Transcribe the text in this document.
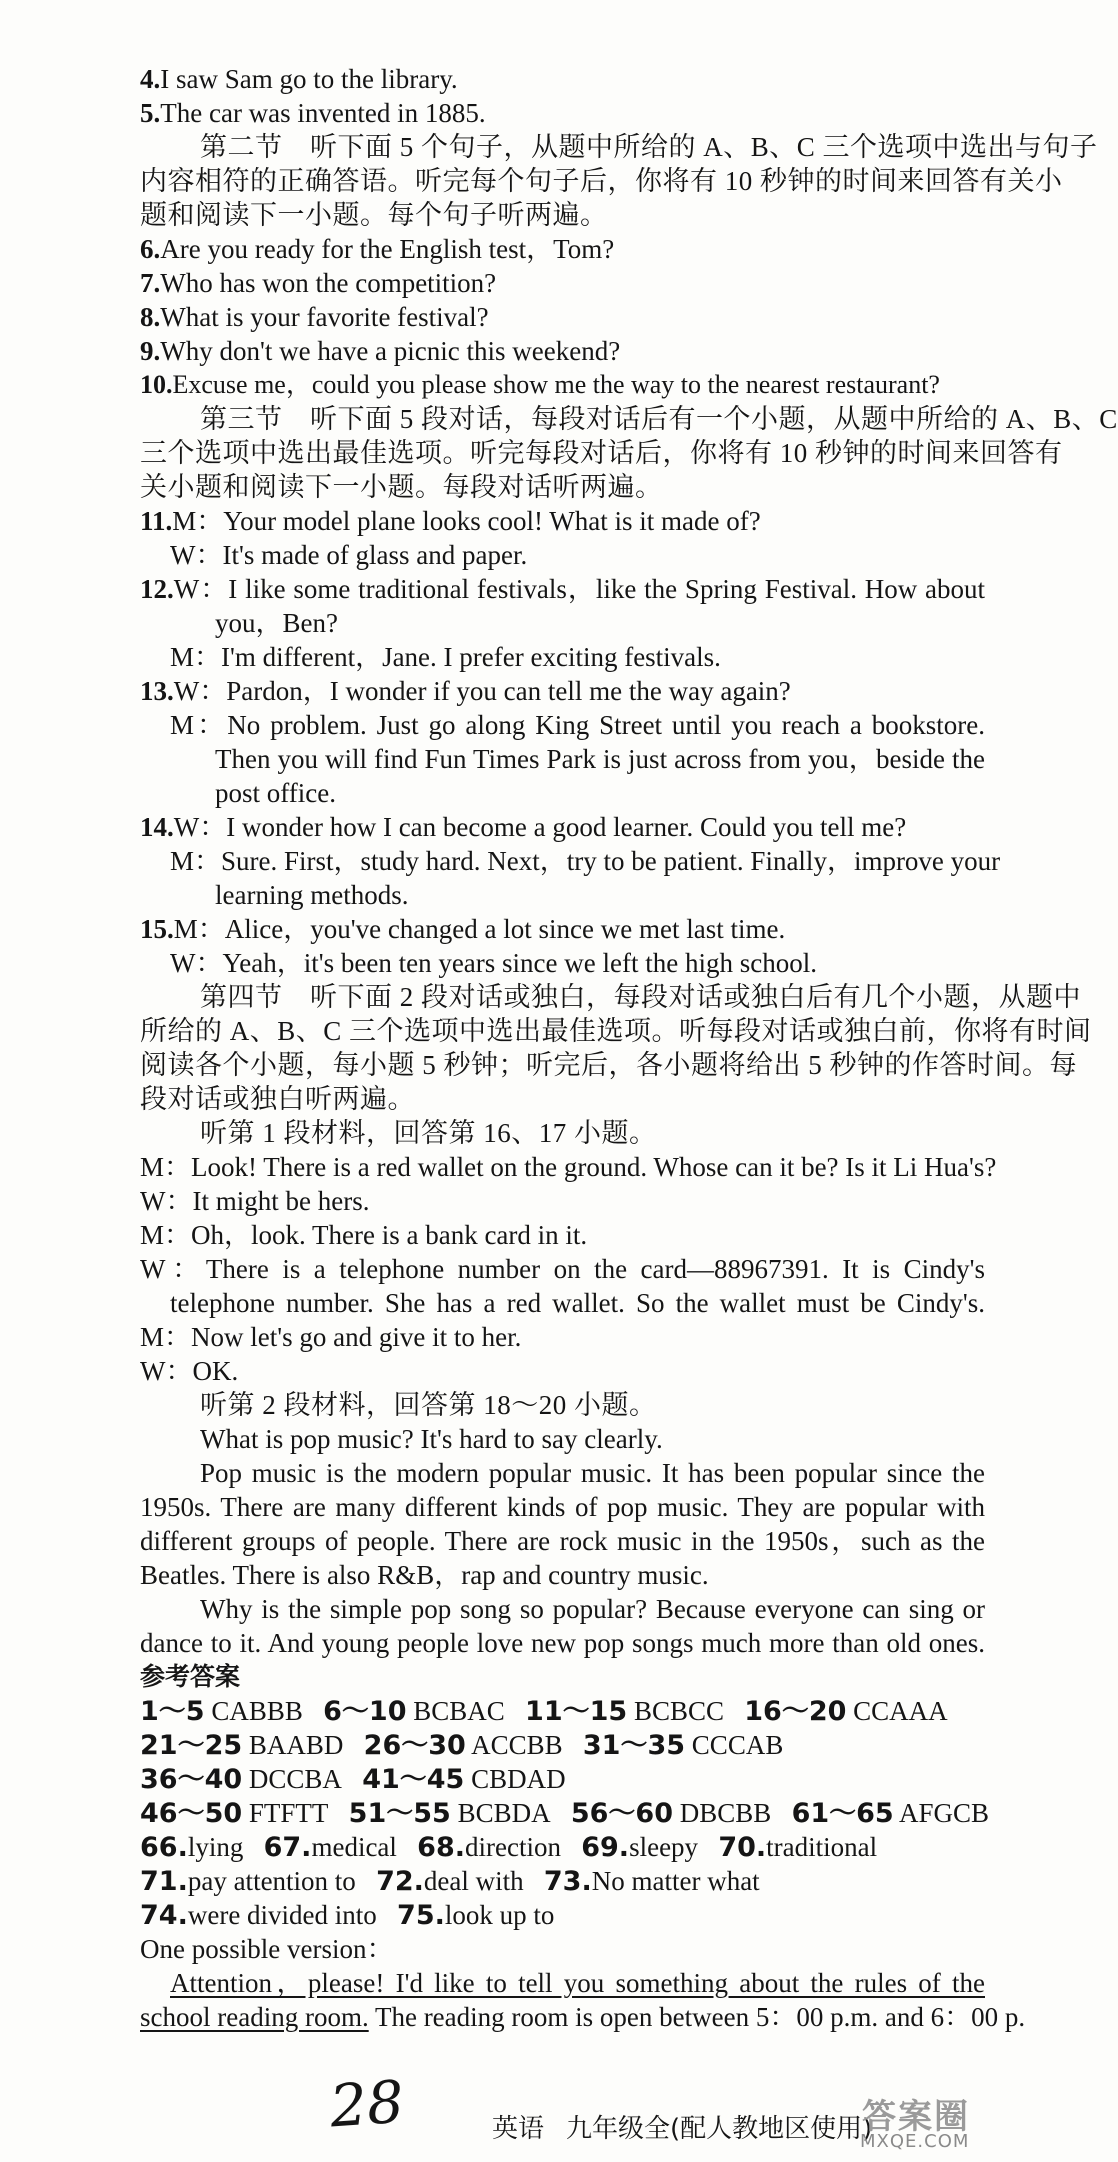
4.I saw Sam go to the library.

5.The car was invented in 1885.

第二节　听下面 5 个句子，从题中所给的 A、B、C 三个选项中选出与句子

内容相符的正确答语。听完每个句子后，你将有 10 秒钟的时间来回答有关小

题和阅读下一小题。每个句子听两遍。

6.Are you ready for the English test，Tom?

7.Who has won the competition?

8.What is your favorite festival?

9.Why don't we have a picnic this weekend?

10.Excuse me，could you please show me the way to the nearest restaurant?

第三节　听下面 5 段对话，每段对话后有一个小题，从题中所给的 A、B、C

三个选项中选出最佳选项。听完每段对话后，你将有 10 秒钟的时间来回答有

关小题和阅读下一小题。每段对话听两遍。

11.M：Your model plane looks cool! What is it made of?

W：It's made of glass and paper.

12.W：I like some traditional festivals，like the Spring Festival. How about

you，Ben?

M：I'm different，Jane. I prefer exciting festivals.

13.W：Pardon，I wonder if you can tell me the way again?

M：No problem. Just go along King Street until you reach a bookstore.

Then you will find Fun Times Park is just across from you，beside the

post office.

14.W：I wonder how I can become a good learner. Could you tell me?

M：Sure. First，study hard. Next，try to be patient. Finally，improve your

learning methods.

15.M：Alice，you've changed a lot since we met last time.

W：Yeah，it's been ten years since we left the high school.

第四节　听下面 2 段对话或独白，每段对话或独白后有几个小题，从题中

所给的 A、B、C 三个选项中选出最佳选项。听每段对话或独白前，你将有时间

阅读各个小题，每小题 5 秒钟；听完后，各小题将给出 5 秒钟的作答时间。每

段对话或独白听两遍。

听第 1 段材料，回答第 16、17 小题。

M：Look! There is a red wallet on the ground. Whose can it be? Is it Li Hua's?

W：It might be hers.

M：Oh，look. There is a bank card in it.

W：There is a telephone number on the card—88967391. It is Cindy's

telephone number. She has a red wallet. So the wallet must be Cindy's.

M：Now let's go and give it to her.

W：OK.

听第 2 段材料，回答第 18～20 小题。

What is pop music? It's hard to say clearly.

Pop music is the modern popular music. It has been popular since the

1950s. There are many different kinds of pop music. They are popular with

different groups of people. There are rock music in the 1950s，such as the

Beatles. There is also R&B，rap and country music.

Why is the simple pop song so popular? Because everyone can sing or

dance to it. And young people love new pop songs much more than old ones.

参考答案

1～5 CABBB 6～10 BCBAC 11～15 BCBCC 16～20 CCAAA

21～25 BAABD 26～30 ACCBB 31～35 CCCAB

36～40 DCCBA 41～45 CBDAD

46～50 FTFTT 51～55 BCBDA 56～60 DBCBB 61～65 AFGCB

66.lying 67.medical 68.direction 69.sleepy 70.traditional

71.pay attention to 72.deal with 73.No matter what

74.were divided into 75.look up to

One possible version：

Attention，please! I'd like to tell you something about the rules of the

school reading room. The reading room is open between 5：00 p.m. and 6：00 p.

28	英语 九年级全(配人教地区使用)
答案圈
MXQE.COM
